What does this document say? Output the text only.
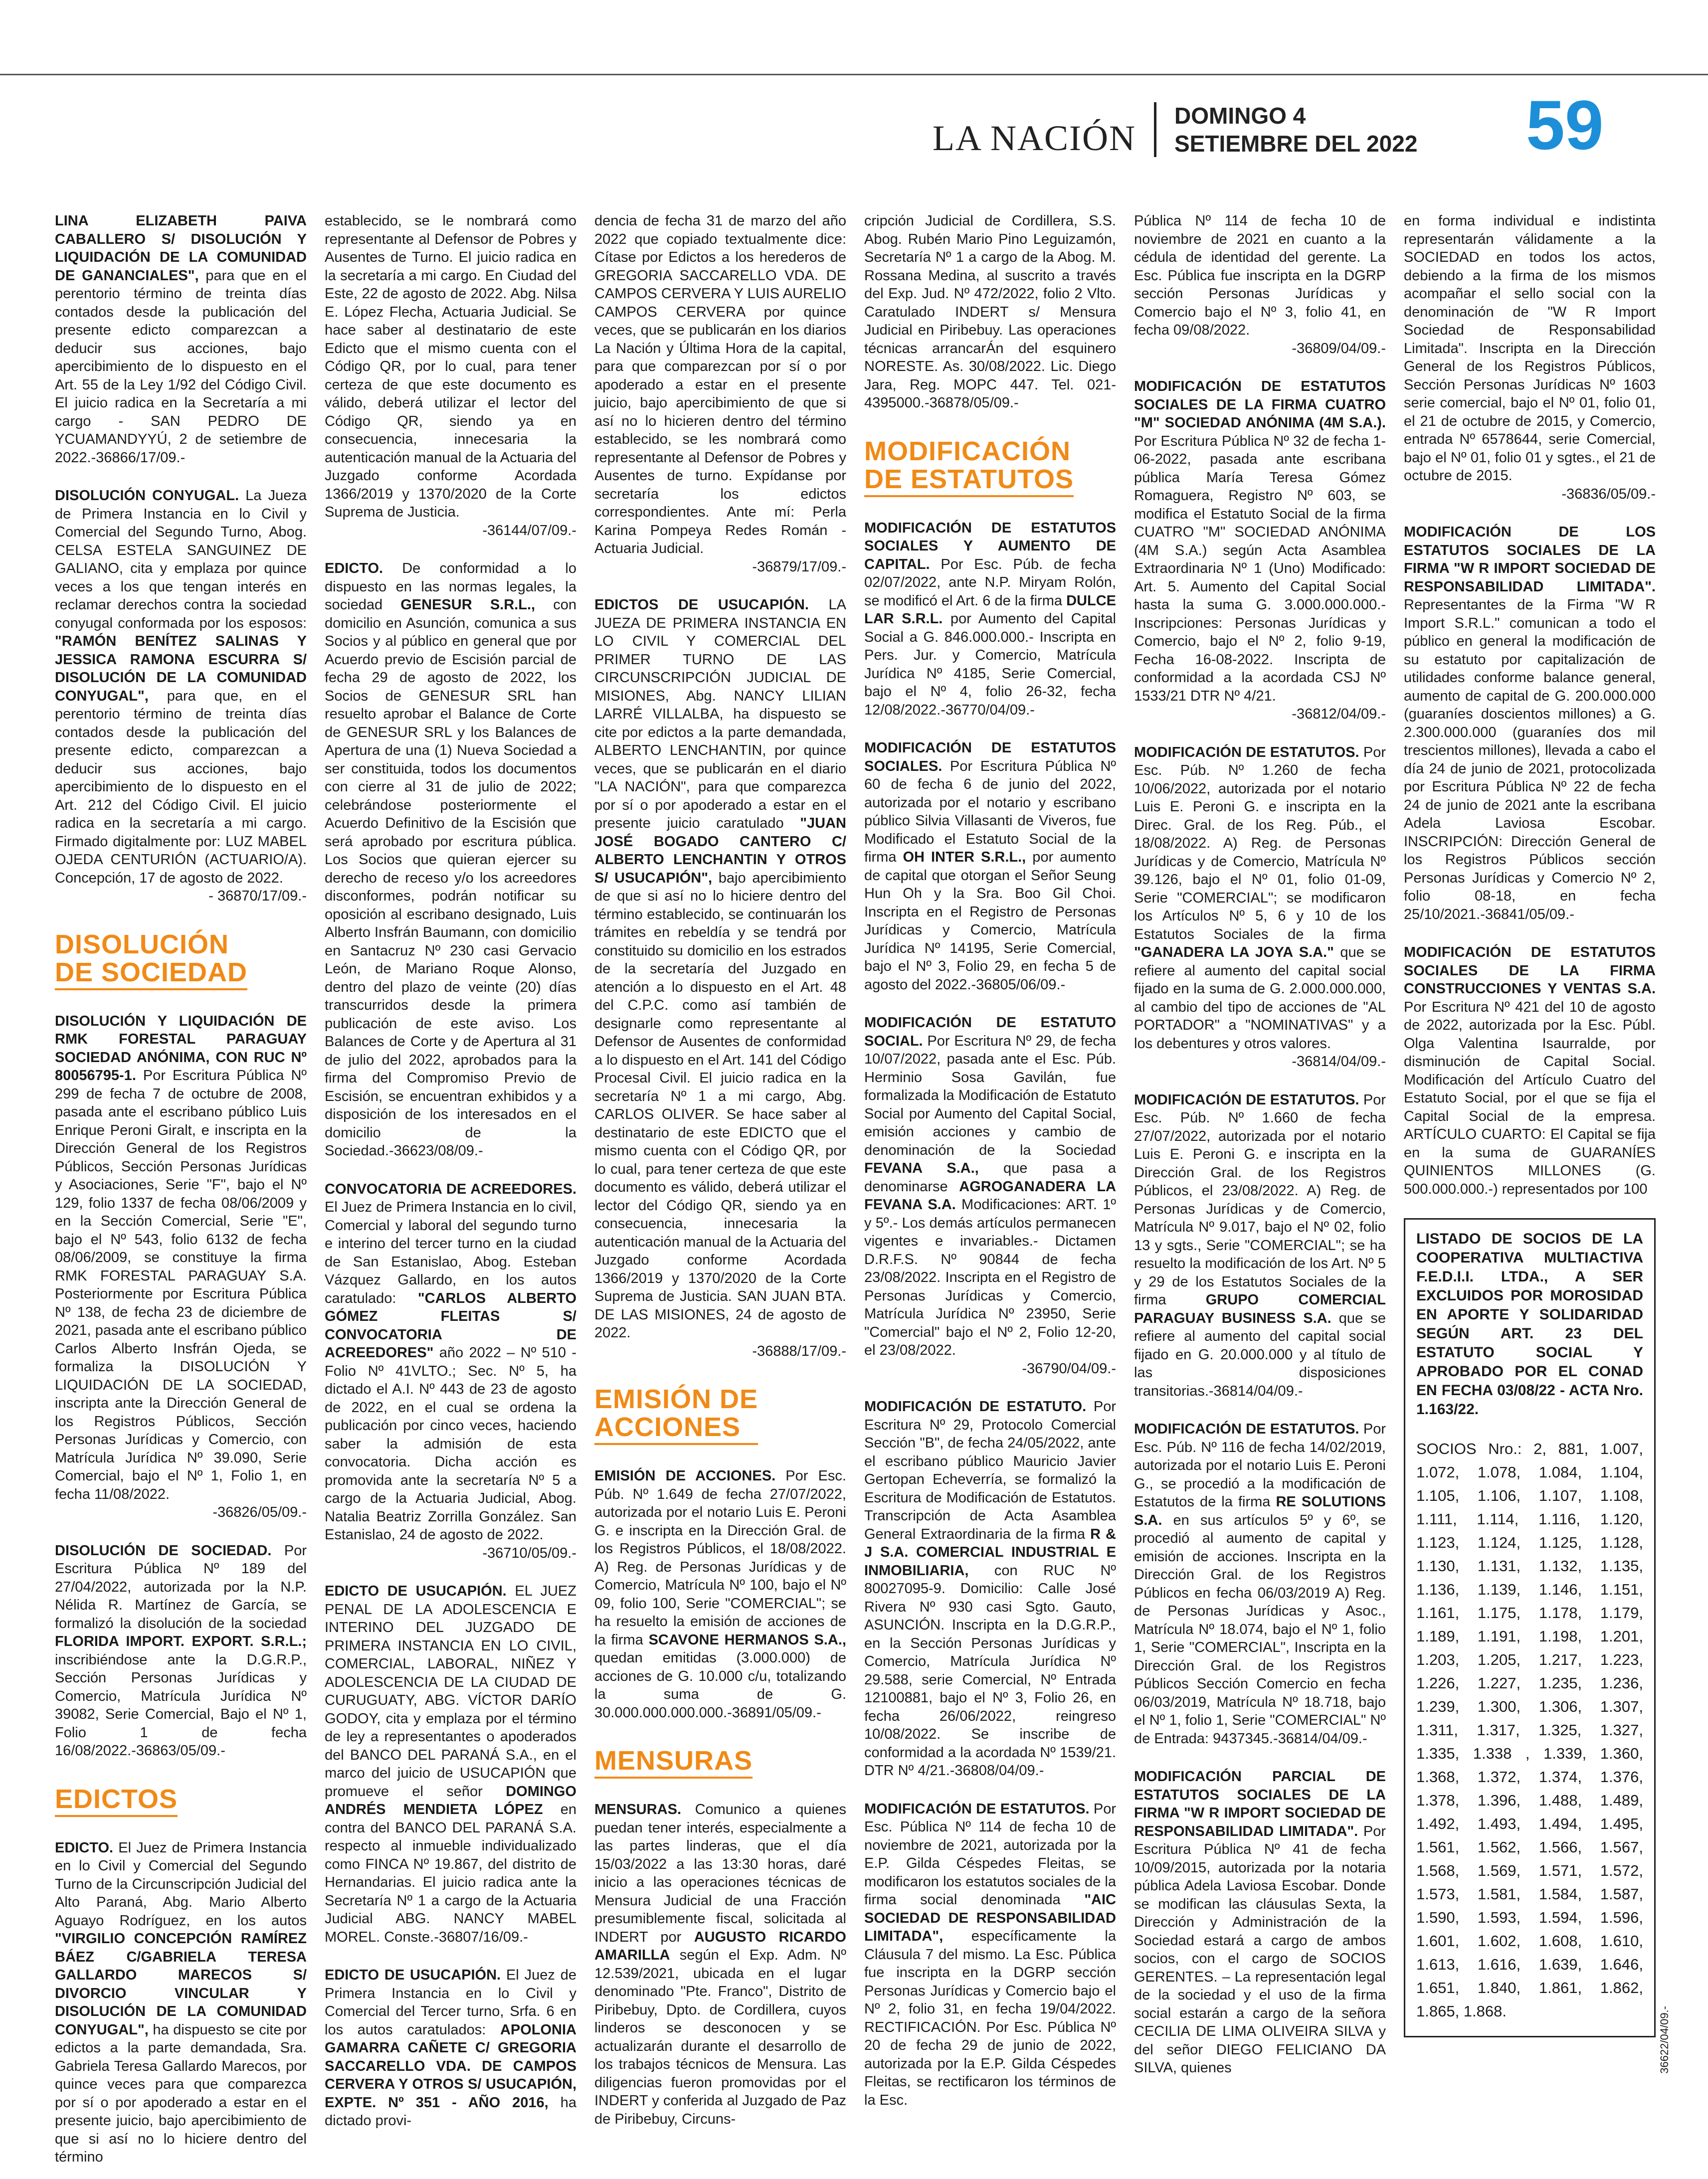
LA NACIÓN
DOMINGO 4
SETIEMBRE DEL 2022 59

LINA ELIZABETH PAIVA CABALLERO S/ DISOLUCIÓN Y LIQUIDACIÓN DE LA COMUNIDAD DE GANANCIALES", para que en el perentorio término de treinta días contados desde la publicación del presente edicto comparezcan a deducir sus acciones, bajo apercibimiento de lo dispuesto en el Art. 55 de la Ley 1/92 del Código Civil. El juicio radica en la Secretaría a mi cargo - SAN PEDRO DE YCUAMANDYYÚ, 2 de setiembre de 2022.-36866/17/09.-

DISOLUCIÓN CONYUGAL. La Jueza de Primera Instancia en lo Civil y Comercial del Segundo Turno, Abog. CELSA ESTELA SANGUINEZ DE GALIANO, cita y emplaza por quince veces a los que tengan interés en reclamar derechos contra la sociedad conyugal conformada por los esposos: "RAMÓN BENÍTEZ SALINAS Y JESSICA RAMONA ESCURRA S/ DISOLUCIÓN DE LA COMUNIDAD CONYUGAL", para que, en el perentorio término de treinta días contados desde la publicación del presente edicto, comparezcan a deducir sus acciones, bajo apercibimiento de lo dispuesto en el Art. 212 del Código Civil. El juicio radica en la secretaría a mi cargo. Firmado digitalmente por: LUZ MABEL OJEDA CENTURIÓN (ACTUARIO/A). Concepción, 17 de agosto de 2022.
- 36870/17/09.-

DISOLUCIÓN
DE SOCIEDAD

DISOLUCIÓN Y LIQUIDACIÓN DE RMK FORESTAL PARAGUAY SOCIEDAD ANÓNIMA, CON RUC Nº 80056795-1. Por Escritura Pública Nº 299 de fecha 7 de octubre de 2008, pasada ante el escribano público Luis Enrique Peroni Giralt, e inscripta en la Dirección General de los Registros Públicos, Sección Personas Jurídicas y Asociaciones, Serie "F", bajo el Nº 129, folio 1337 de fecha 08/06/2009 y en la Sección Comercial, Serie "E", bajo el Nº 543, folio 6132 de fecha 08/06/2009, se constituye la firma RMK FORESTAL PARAGUAY S.A. Posteriormente por Escritura Pública Nº 138, de fecha 23 de diciembre de 2021, pasada ante el escribano público Carlos Alberto Insfrán Ojeda, se formaliza la DISOLUCIÓN Y LIQUIDACIÓN DE LA SOCIEDAD, inscripta ante la Dirección General de los Registros Públicos, Sección Personas Jurídicas y Comercio, con Matrícula Jurídica Nº 39.090, Serie Comercial, bajo el Nº 1, Folio 1, en fecha 11/08/2022.
-36826/05/09.-

DISOLUCIÓN DE SOCIEDAD. Por Escritura Pública Nº 189 del 27/04/2022, autorizada por la N.P. Nélida R. Martínez de García, se formalizó la disolución de la sociedad FLORIDA IMPORT. EXPORT. S.R.L.; inscribiéndose ante la D.G.R.P., Sección Personas Jurídicas y Comercio, Matrícula Jurídica Nº 39082, Serie Comercial, Bajo el Nº 1, Folio 1 de fecha 16/08/2022.-36863/05/09.-

EDICTOS

EDICTO. El Juez de Primera Instancia en lo Civil y Comercial del Segundo Turno de la Circunscripción Judicial del Alto Paraná, Abg. Mario Alberto Aguayo Rodríguez, en los autos "VIRGILIO CONCEPCIÓN RAMÍREZ BÁEZ C/GABRIELA TERESA GALLARDO MARECOS S/ DIVORCIO VINCULAR Y DISOLUCIÓN DE LA COMUNIDAD CONYUGAL", ha dispuesto se cite por edictos a la parte demandada, Sra. Gabriela Teresa Gallardo Marecos, por quince veces para que comparezca por sí o por apoderado a estar en el presente juicio, bajo apercibimiento de que si así no lo hiciere dentro del término

establecido, se le nombrará como representante al Defensor de Pobres y Ausentes de Turno. El juicio radica en la secretaría a mi cargo. En Ciudad del Este, 22 de agosto de 2022. Abg. Nilsa E. López Flecha, Actuaria Judicial. Se hace saber al destinatario de este Edicto que el mismo cuenta con el Código QR, por lo cual, para tener certeza de que este documento es válido, deberá utilizar el lector del Código QR, siendo ya en consecuencia, innecesaria la autenticación manual de la Actuaria del Juzgado conforme Acordada 1366/2019 y 1370/2020 de la Corte Suprema de Justicia.
-36144/07/09.-

EDICTO. De conformidad a lo dispuesto en las normas legales, la sociedad GENESUR S.R.L., con domicilio en Asunción, comunica a sus Socios y al público en general que por Acuerdo previo de Escisión parcial de fecha 29 de agosto de 2022, los Socios de GENESUR SRL han resuelto aprobar el Balance de Corte de GENESUR SRL y los Balances de Apertura de una (1) Nueva Sociedad a ser constituida, todos los documentos con cierre al 31 de julio de 2022; celebrándose posteriormente el Acuerdo Definitivo de la Escisión que será aprobado por escritura pública. Los Socios que quieran ejercer su derecho de receso y/o los acreedores disconformes, podrán notificar su oposición al escribano designado, Luis Alberto Insfrán Baumann, con domicilio en Santacruz Nº 230 casi Gervacio León, de Mariano Roque Alonso, dentro del plazo de veinte (20) días transcurridos desde la primera publicación de este aviso. Los Balances de Corte y de Apertura al 31 de julio del 2022, aprobados para la firma del Compromiso Previo de Escisión, se encuentran exhibidos y a disposición de los interesados en el domicilio de la Sociedad.-36623/08/09.-

CONVOCATORIA DE ACREEDORES. El Juez de Primera Instancia en lo civil, Comercial y laboral del segundo turno e interino del tercer turno en la ciudad de San Estanislao, Abog. Esteban Vázquez Gallardo, en los autos caratulado: "CARLOS ALBERTO GÓMEZ FLEITAS S/ CONVOCATORIA DE ACREEDORES" año 2022 – Nº 510 - Folio Nº 41VLTO.; Sec. Nº 5, ha dictado el A.I. Nº 443 de 23 de agosto de 2022, en el cual se ordena la publicación por cinco veces, haciendo saber la admisión de esta convocatoria. Dicha acción es promovida ante la secretaría Nº 5 a cargo de la Actuaria Judicial, Abog. Natalia Beatriz Zorrilla González. San Estanislao, 24 de agosto de 2022.
-36710/05/09.-

EDICTO DE USUCAPIÓN. EL JUEZ PENAL DE LA ADOLESCENCIA E INTERINO DEL JUZGADO DE PRIMERA INSTANCIA EN LO CIVIL, COMERCIAL, LABORAL, NIÑEZ Y ADOLESCENCIA DE LA CIUDAD DE CURUGUATY, ABG. VÍCTOR DARÍO GODOY, cita y emplaza por el término de ley a representantes o apoderados del BANCO DEL PARANÁ S.A., en el marco del juicio de USUCAPIÓN que promueve el señor DOMINGO ANDRÉS MENDIETA LÓPEZ en contra del BANCO DEL PARANÁ S.A. respecto al inmueble individualizado como FINCA Nº 19.867, del distrito de Hernandarias. El juicio radica ante la Secretaría Nº 1 a cargo de la Actuaria Judicial ABG. NANCY MABEL MOREL. Conste.-36807/16/09.-

EDICTO DE USUCAPIÓN. El Juez de Primera Instancia en lo Civil y Comercial del Tercer turno, Srfa. 6 en los autos caratulados: APOLONIA GAMARRA CAÑETE C/ GREGORIA SACCARELLO VDA. DE CAMPOS CERVERA Y OTROS S/ USUCAPIÓN, EXPTE. Nº 351 - AÑO 2016, ha dictado provi-

dencia de fecha 31 de marzo del año 2022 que copiado textualmente dice: Cítase por Edictos a los herederos de GREGORIA SACCARELLO VDA. DE CAMPOS CERVERA Y LUIS AURELIO CAMPOS CERVERA por quince veces, que se publicarán en los diarios La Nación y Última Hora de la capital, para que comparezcan por sí o por apoderado a estar en el presente juicio, bajo apercibimiento de que si así no lo hicieren dentro del término establecido, se les nombrará como representante al Defensor de Pobres y Ausentes de turno. Expídanse por secretaría los edictos correspondientes. Ante mí: Perla Karina Pompeya Redes Román - Actuaria Judicial.
-36879/17/09.-

EDICTOS DE USUCAPIÓN. LA JUEZA DE PRIMERA INSTANCIA EN LO CIVIL Y COMERCIAL DEL PRIMER TURNO DE LAS CIRCUNSCRIPCIÓN JUDICIAL DE MISIONES, Abg. NANCY LILIAN LARRÉ VILLALBA, ha dispuesto se cite por edictos a la parte demandada, ALBERTO LENCHANTIN, por quince veces, que se publicarán en el diario "LA NACIÓN", para que comparezca por sí o por apoderado a estar en el presente juicio caratulado "JUAN JOSÉ BOGADO CANTERO C/ ALBERTO LENCHANTIN Y OTROS S/ USUCAPIÓN", bajo apercibimiento de que si así no lo hiciere dentro del término establecido, se continuarán los trámites en rebeldía y se tendrá por constituido su domicilio en los estrados de la secretaría del Juzgado en atención a lo dispuesto en el Art. 48 del C.P.C. como así también de designarle como representante al Defensor de Ausentes de conformidad a lo dispuesto en el Art. 141 del Código Procesal Civil. El juicio radica en la secretaría Nº 1 a mi cargo, Abg. CARLOS OLIVER. Se hace saber al destinatario de este EDICTO que el mismo cuenta con el Código QR, por lo cual, para tener certeza de que este documento es válido, deberá utilizar el lector del Código QR, siendo ya en consecuencia, innecesaria la autenticación manual de la Actuaria del Juzgado conforme Acordada 1366/2019 y 1370/2020 de la Corte Suprema de Justicia. SAN JUAN BTA. DE LAS MISIONES, 24 de agosto de 2022.
-36888/17/09.-

EMISIÓN DE
ACCIONES

EMISIÓN DE ACCIONES. Por Esc. Púb. Nº 1.649 de fecha 27/07/2022, autorizada por el notario Luis E. Peroni G. e inscripta en la Dirección Gral. de los Registros Públicos, el 18/08/2022. A) Reg. de Personas Jurídicas y de Comercio, Matrícula Nº 100, bajo el Nº 09, folio 100, Serie "COMERCIAL"; se ha resuelto la emisión de acciones de la firma SCAVONE HERMANOS S.A., quedan emitidas (3.000.000) de acciones de G. 10.000 c/u, totalizando la suma de G. 30.000.000.000.000.-36891/05/09.-

MENSURAS

MENSURAS. Comunico a quienes puedan tener interés, especialmente a las partes linderas, que el día 15/03/2022 a las 13:30 horas, daré inicio a las operaciones técnicas de Mensura Judicial de una Fracción presumiblemente fiscal, solicitada al INDERT por AUGUSTO RICARDO AMARILLA según el Exp. Adm. Nº 12.539/2021, ubicada en el lugar denominado "Pte. Franco", Distrito de Piribebuy, Dpto. de Cordillera, cuyos linderos se desconocen y se actualizarán durante el desarrollo de los trabajos técnicos de Mensura. Las diligencias fueron promovidas por el INDERT y conferida al Juzgado de Paz de Piribebuy, Circuns-

cripción Judicial de Cordillera, S.S. Abog. Rubén Mario Pino Leguizamón, Secretaría Nº 1 a cargo de la Abog. M. Rossana Medina, al suscrito a través del Exp. Jud. Nº 472/2022, folio 2 Vlto. Caratulado INDERT s/ Mensura Judicial en Piribebuy. Las operaciones técnicas arrancarÁn del esquinero NORESTE. As. 30/08/2022. Lic. Diego Jara, Reg. MOPC 447. Tel. 021-4395000.-36878/05/09.-

MODIFICACIÓN
DE ESTATUTOS

MODIFICACIÓN DE ESTATUTOS SOCIALES Y AUMENTO DE CAPITAL. Por Esc. Púb. de fecha 02/07/2022, ante N.P. Miryam Rolón, se modificó el Art. 6 de la firma DULCE LAR S.R.L. por Aumento del Capital Social a G. 846.000.000.- Inscripta en Pers. Jur. y Comercio, Matrícula Jurídica Nº 4185, Serie Comercial, bajo el Nº 4, folio 26-32, fecha 12/08/2022.-36770/04/09.-

MODIFICACIÓN DE ESTATUTOS SOCIALES. Por Escritura Pública Nº 60 de fecha 6 de junio del 2022, autorizada por el notario y escribano público Silvia Villasanti de Viveros, fue Modificado el Estatuto Social de la firma OH INTER S.R.L., por aumento de capital que otorgan el Señor Seung Hun Oh y la Sra. Boo Gil Choi. Inscripta en el Registro de Personas Jurídicas y Comercio, Matrícula Jurídica Nº 14195, Serie Comercial, bajo el Nº 3, Folio 29, en fecha 5 de agosto del 2022.-36805/06/09.-

MODIFICACIÓN DE ESTATUTO SOCIAL. Por Escritura Nº 29, de fecha 10/07/2022, pasada ante el Esc. Púb. Herminio Sosa Gavilán, fue formalizada la Modificación de Estatuto Social por Aumento del Capital Social, emisión acciones y cambio de denominación de la Sociedad FEVANA S.A., que pasa a denominarse AGROGANADERA LA FEVANA S.A. Modificaciones: ART. 1º y 5º.- Los demás artículos permanecen vigentes e invariables.- Dictamen D.R.F.S. Nº 90844 de fecha 23/08/2022. Inscripta en el Registro de Personas Jurídicas y Comercio, Matrícula Jurídica Nº 23950, Serie "Comercial" bajo el Nº 2, Folio 12-20, el 23/08/2022.
-36790/04/09.-

MODIFICACIÓN DE ESTATUTO. Por Escritura Nº 29, Protocolo Comercial Sección "B", de fecha 24/05/2022, ante el escribano público Mauricio Javier Gertopan Echeverría, se formalizó la Escritura de Modificación de Estatutos. Transcripción de Acta Asamblea General Extraordinaria de la firma R & J S.A. COMERCIAL INDUSTRIAL E INMOBILIARIA, con RUC Nº 80027095-9. Domicilio: Calle José Rivera Nº 930 casi Sgto. Gauto, ASUNCIÓN. Inscripta en la D.G.R.P., en la Sección Personas Jurídicas y Comercio, Matrícula Jurídica Nº 29.588, serie Comercial, Nº Entrada 12100881, bajo el Nº 3, Folio 26, en fecha 26/06/2022, reingreso 10/08/2022. Se inscribe de conformidad a la acordada Nº 1539/21. DTR Nº 4/21.-36808/04/09.-

MODIFICACIÓN DE ESTATUTOS. Por Esc. Pública Nº 114 de fecha 10 de noviembre de 2021, autorizada por la E.P. Gilda Céspedes Fleitas, se modificaron los estatutos sociales de la firma social denominada "AIC SOCIEDAD DE RESPONSABILIDAD LIMITADA", específicamente la Cláusula 7 del mismo. La Esc. Pública fue inscripta en la DGRP sección Personas Jurídicas y Comercio bajo el Nº 2, folio 31, en fecha 19/04/2022. RECTIFICACIÓN. Por Esc. Pública Nº 20 de fecha 29 de junio de 2022, autorizada por la E.P. Gilda Céspedes Fleitas, se rectificaron los términos de la Esc.

Pública Nº 114 de fecha 10 de noviembre de 2021 en cuanto a la cédula de identidad del gerente. La Esc. Pública fue inscripta en la DGRP sección Personas Jurídicas y Comercio bajo el Nº 3, folio 41, en fecha 09/08/2022.
-36809/04/09.-

MODIFICACIÓN DE ESTATUTOS SOCIALES DE LA FIRMA CUATRO "M" SOCIEDAD ANÓNIMA (4M S.A.). Por Escritura Pública Nº 32 de fecha 1-06-2022, pasada ante escribana pública María Teresa Gómez Romaguera, Registro Nº 603, se modifica el Estatuto Social de la firma CUATRO "M" SOCIEDAD ANÓNIMA (4M S.A.) según Acta Asamblea Extraordinaria Nº 1 (Uno) Modificado: Art. 5. Aumento del Capital Social hasta la suma G. 3.000.000.000.- Inscripciones: Personas Jurídicas y Comercio, bajo el Nº 2, folio 9-19, Fecha 16-08-2022. Inscripta de conformidad a la acordada CSJ Nº 1533/21 DTR Nº 4/21.
-36812/04/09.-

MODIFICACIÓN DE ESTATUTOS. Por Esc. Púb. Nº 1.260 de fecha 10/06/2022, autorizada por el notario Luis E. Peroni G. e inscripta en la Direc. Gral. de los Reg. Púb., el 18/08/2022. A) Reg. de Personas Jurídicas y de Comercio, Matrícula Nº 39.126, bajo el Nº 01, folio 01-09, Serie "COMERCIAL"; se modificaron los Artículos Nº 5, 6 y 10 de los Estatutos Sociales de la firma "GANADERA LA JOYA S.A." que se refiere al aumento del capital social fijado en la suma de G. 2.000.000.000, al cambio del tipo de acciones de "AL PORTADOR" a "NOMINATIVAS" y a los debentures y otros valores.
-36814/04/09.-

MODIFICACIÓN DE ESTATUTOS. Por Esc. Púb. Nº 1.660 de fecha 27/07/2022, autorizada por el notario Luis E. Peroni G. e inscripta en la Dirección Gral. de los Registros Públicos, el 23/08/2022. A) Reg. de Personas Jurídicas y de Comercio, Matrícula Nº 9.017, bajo el Nº 02, folio 13 y sgts., Serie "COMERCIAL"; se ha resuelto la modificación de los Art. Nº 5 y 29 de los Estatutos Sociales de la firma GRUPO COMERCIAL PARAGUAY BUSINESS S.A. que se refiere al aumento del capital social fijado en G. 20.000.000 y al título de las disposiciones transitorias.-36814/04/09.-

MODIFICACIÓN DE ESTATUTOS. Por Esc. Púb. Nº 116 de fecha 14/02/2019, autorizada por el notario Luis E. Peroni G., se procedió a la modificación de Estatutos de la firma RE SOLUTIONS S.A. en sus artículos 5º y 6º, se procedió al aumento de capital y emisión de acciones. Inscripta en la Dirección Gral. de los Registros Públicos en fecha 06/03/2019 A) Reg. de Personas Jurídicas y Asoc., Matrícula Nº 18.074, bajo el Nº 1, folio 1, Serie "COMERCIAL", Inscripta en la Dirección Gral. de los Registros Públicos Sección Comercio en fecha 06/03/2019, Matrícula Nº 18.718, bajo el Nº 1, folio 1, Serie "COMERCIAL" Nº de Entrada: 9437345.-36814/04/09.-

MODIFICACIÓN PARCIAL DE ESTATUTOS SOCIALES DE LA FIRMA "W R IMPORT SOCIEDAD DE RESPONSABILIDAD LIMITADA". Por Escritura Pública Nº 41 de fecha 10/09/2015, autorizada por la notaria pública Adela Laviosa Escobar. Donde se modifican las cláusulas Sexta, la Dirección y Administración de la Sociedad estará a cargo de ambos socios, con el cargo de SOCIOS GERENTES. – La representación legal de la sociedad y el uso de la firma social estarán a cargo de la señora CECILIA DE LIMA OLIVEIRA SILVA y del señor DIEGO FELICIANO DA SILVA, quienes

en forma individual e indistinta representarán válidamente a la SOCIEDAD en todos los actos, debiendo a la firma de los mismos acompañar el sello social con la denominación de "W R Import Sociedad de Responsabilidad Limitada". Inscripta en la Dirección General de los Registros Públicos, Sección Personas Jurídicas Nº 1603 serie comercial, bajo el Nº 01, folio 01, el 21 de octubre de 2015, y Comercio, entrada Nº 6578644, serie Comercial, bajo el Nº 01, folio 01 y sgtes., el 21 de octubre de 2015.
-36836/05/09.-

MODIFICACIÓN DE LOS ESTATUTOS SOCIALES DE LA FIRMA "W R IMPORT SOCIEDAD DE RESPONSABILIDAD LIMITADA". Representantes de la Firma "W R Import S.R.L." comunican a todo el público en general la modificación de su estatuto por capitalización de utilidades conforme balance general, aumento de capital de G. 200.000.000 (guaraníes doscientos millones) a G. 2.300.000.000 (guaraníes dos mil trescientos millones), llevada a cabo el día 24 de junio de 2021, protocolizada por Escritura Pública Nº 22 de fecha 24 de junio de 2021 ante la escribana Adela Laviosa Escobar. INSCRIPCIÓN: Dirección General de los Registros Públicos sección Personas Jurídicas y Comercio Nº 2, folio 08-18, en fecha 25/10/2021.-36841/05/09.-

MODIFICACIÓN DE ESTATUTOS SOCIALES DE LA FIRMA CONSTRUCCIONES Y VENTAS S.A. Por Escritura Nº 421 del 10 de agosto de 2022, autorizada por la Esc. Públ. Olga Valentina Isaurralde, por disminución de Capital Social. Modificación del Artículo Cuatro del Estatuto Social, por el que se fija el Capital Social de la empresa. ARTÍCULO CUARTO: El Capital se fija en la suma de GUARANÍES QUINIENTOS MILLONES (G. 500.000.000.-) representados por 100

LISTADO DE SOCIOS DE LA COOPERATIVA MULTIACTIVA F.E.D.I.I. LTDA., A SER EXCLUIDOS POR MOROSIDAD EN APORTE Y SOLIDARIDAD SEGÚN ART. 23 DEL ESTATUTO SOCIAL Y APROBADO POR EL CONAD EN FECHA 03/08/22 - ACTA Nro. 1.163/22.

SOCIOS Nro.: 2, 881, 1.007, 1.072, 1.078, 1.084, 1.104, 1.105, 1.106, 1.107, 1.108, 1.111, 1.114, 1.116, 1.120, 1.123, 1.124, 1.125, 1.128, 1.130, 1.131, 1.132, 1.135, 1.136, 1.139, 1.146, 1.151, 1.161, 1.175, 1.178, 1.179, 1.189, 1.191, 1.198, 1.201, 1.203, 1.205, 1.217, 1.223, 1.226, 1.227, 1.235, 1.236, 1.239, 1.300, 1.306, 1.307, 1.311, 1.317, 1.325, 1.327, 1.335, 1.338 , 1.339, 1.360, 1.368, 1.372, 1.374, 1.376, 1.378, 1.396, 1.488, 1.489, 1.492, 1.493, 1.494, 1.495, 1.561, 1.562, 1.566, 1.567, 1.568, 1.569, 1.571, 1.572, 1.573, 1.581, 1.584, 1.587, 1.590, 1.593, 1.594, 1.596, 1.601, 1.602, 1.608, 1.610, 1.613, 1.616, 1.639, 1.646, 1.651, 1.840, 1.861, 1.862, 1.865, 1.868.	36622/04/09.-
